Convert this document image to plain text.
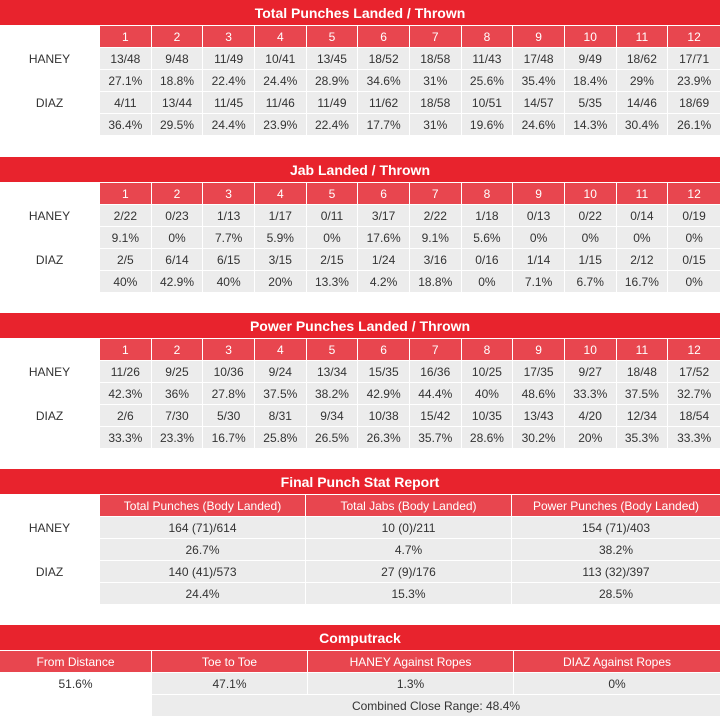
Total Punches Landed / Thrown												
	1	2	3	4	5	6	7	8	9	10	11	12
HANEY	13/48	9/48	11/49	10/41	13/45	18/52	18/58	11/43	17/48	9/49	18/62	17/71
	27.1%	18.8%	22.4%	24.4%	28.9%	34.6%	31%	25.6%	35.4%	18.4%	29%	23.9%
DIAZ	4/11	13/44	11/45	11/46	11/49	11/62	18/58	10/51	14/57	5/35	14/46	18/69
	36.4%	29.5%	24.4%	23.9%	22.4%	17.7%	31%	19.6%	24.6%	14.3%	30.4%	26.1%
Jab Landed / Thrown												
	1	2	3	4	5	6	7	8	9	10	11	12
HANEY	2/22	0/23	1/13	1/17	0/11	3/17	2/22	1/18	0/13	0/22	0/14	0/19
	9.1%	0%	7.7%	5.9%	0%	17.6%	9.1%	5.6%	0%	0%	0%	0%
DIAZ	2/5	6/14	6/15	3/15	2/15	1/24	3/16	0/16	1/14	1/15	2/12	0/15
	40%	42.9%	40%	20%	13.3%	4.2%	18.8%	0%	7.1%	6.7%	16.7%	0%
Power Punches Landed / Thrown												
	1	2	3	4	5	6	7	8	9	10	11	12
HANEY	11/26	9/25	10/36	9/24	13/34	15/35	16/36	10/25	17/35	9/27	18/48	17/52
	42.3%	36%	27.8%	37.5%	38.2%	42.9%	44.4%	40%	48.6%	33.3%	37.5%	32.7%
DIAZ	2/6	7/30	5/30	8/31	9/34	10/38	15/42	10/35	13/43	4/20	12/34	18/54
	33.3%	23.3%	16.7%	25.8%	26.5%	26.3%	35.7%	28.6%	30.2%	20%	35.3%	33.3%
Final Punch Stat Report			
	Total Punches (Body Landed)	Total Jabs (Body Landed)	Power Punches (Body Landed)
HANEY	164 (71)/614	10 (0)/211	154 (71)/403
	26.7%	4.7%	38.2%
DIAZ	140 (41)/573	27 (9)/176	113 (32)/397
	24.4%	15.3%	28.5%
Computrack			
From Distance	Toe to Toe	HANEY Against Ropes	DIAZ Against Ropes
51.6%	47.1%	1.3%	0%
	Combined Close Range: 48.4%		
